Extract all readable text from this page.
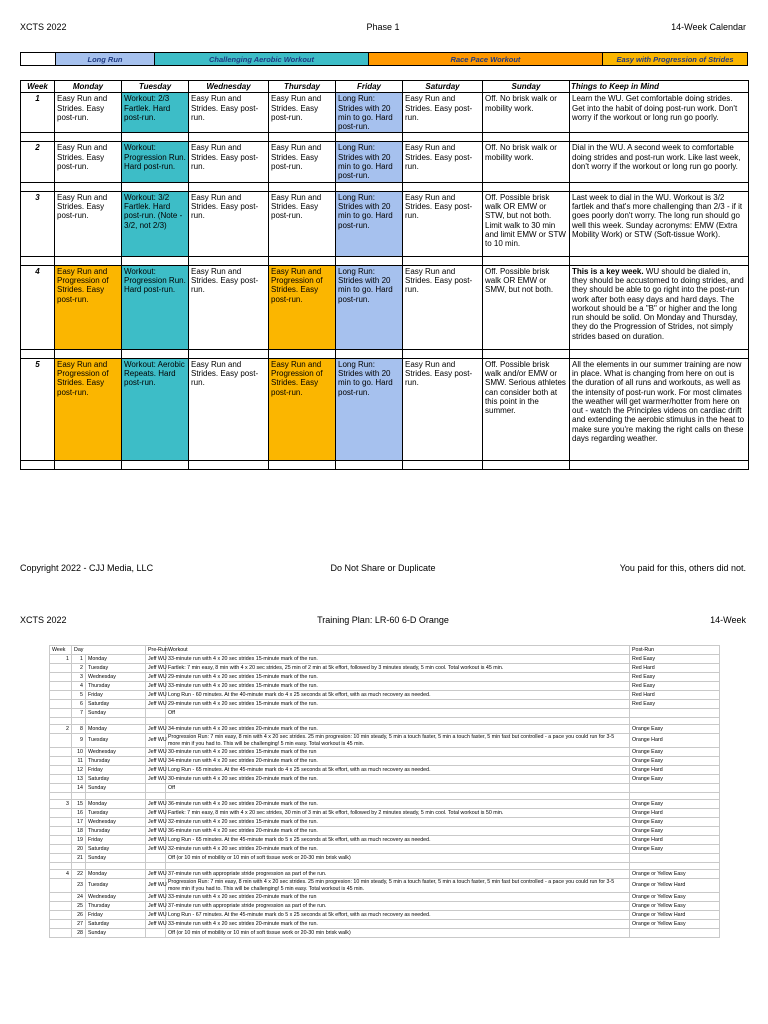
XCTS 2022	Phase 1	14-Week Calendar
Long Run	Challenging Aerobic Workout	Race Pace Workout	Easy with Progression of Strides
Week	Monday	Tuesday	Wednesday	Thursday	Friday	Saturday	Sunday	Things to Keep in Mind
1	Easy Run and Strides. Easy post-run.	Workout: 2/3 Fartlek. Hard post-run.	Easy Run and Strides. Easy post-run.	Easy Run and Strides. Easy post-run.	Long Run: Strides with 20 min to go. Hard post-run.	Easy Run and Strides. Easy post-run.	Off. No brisk walk or mobility work.	Learn the WU. Get comfortable doing strides. Get into the habit of doing post-run work. Don't worry if the workout or long run go poorly.

2	Easy Run and Strides. Easy post-run.	Workout: Progression Run. Hard post-run.	Easy Run and Strides. Easy post-run.	Easy Run and Strides. Easy post-run.	Long Run: Strides with 20 min to go. Hard post-run.	Easy Run and Strides. Easy post-run.	Off. No brisk walk or mobility work.	Dial in the WU. A second week to comfortable doing strides and post-run work. Like last week, don't worry if the workout or long run go poorly.

3	Easy Run and Strides. Easy post-run.	Workout: 3/2 Fartlek. Hard post-run. (Note - 3/2, not 2/3)	Easy Run and Strides. Easy post-run.	Easy Run and Strides. Easy post-run.	Long Run: Strides with 20 min to go. Hard post-run.	Easy Run and Strides. Easy post-run.	Off. Possible brisk walk OR EMW or STW, but not both. Limit walk to 30 min and limit EMW or STW to 10 min.	Last week to dial in the WU. Workout is 3/2 fartlek and that's more challenging than 2/3 - if it goes poorly don't worry. The long run should go well this week. Sunday acronyms: EMW (Extra Mobility Work) or STW (Soft-tissue Work).

4	Easy Run and Progression of Strides. Easy post-run.	Workout: Progression Run. Hard post-run.	Easy Run and Strides. Easy post-run.	Easy Run and Progression of Strides. Easy post-run.	Long Run: Strides with 20 min to go. Hard post-run.	Easy Run and Strides. Easy post-run.	Off. Possible brisk walk OR EMW or SMW, but not both.	This is a key week. WU should be dialed in, they should be accustomed to doing strides, and they should be able to go right into the post-run work after both easy days and hard days. The workout should be a "B" or higher and the long run should be solid. On Monday and Thursday, they do the Progression of Strides, not simply strides based on duration.

5	Easy Run and Progression of Strides. Easy post-run.	Workout: Aerobic Repeats. Hard post-run.	Easy Run and Strides. Easy post-run.	Easy Run and Progression of Strides. Easy post-run.	Long Run: Strides with 20 min to go. Hard post-run.	Easy Run and Strides. Easy post-run.	Off. Possible brisk walk and/or EMW or SMW. Serious athletes can consider both at this point in the summer.	All the elements in our summer training are now in place. What is changing from here on out is the duration of all runs and workouts, as well as the intensity of post-run work. For most climates the weather will get warmer/hotter from here on out - watch the Principles videos on cardiac drift and extending the aerobic stimulus in the heat to make sure you're making the right calls on these days regarding weather.

Copyright 2022 - CJJ Media, LLC	Do Not Share or Duplicate	You paid for this, others did not.
XCTS 2022	Training Plan: LR-60 6-D Orange	14-Week
Week	Day		Pre-Run	Workout	Post-Run
1	1	Monday	Jeff WU	33-minute run with 4 x 20 sec strides 15-minute mark of the run.	Red Easy
	2	Tuesday	Jeff WU	Fartlek: 7 min easy, 8 min with 4 x 20 sec strides, 25 min of 2 min at 5k effort, followed by 3 minutes steady, 5 min cool. Total workout is 45 min.	Red Hard
	3	Wednesday	Jeff WU	29-minute run with 4 x 20 sec strides 15-minute mark of the run.	Red Easy
	4	Thursday	Jeff WU	33-minute run with 4 x 20 sec strides 15-minute mark of the run.	Red Easy
	5	Friday	Jeff WU	Long Run - 60 minutes. At the 40-minute mark do 4 x 25 seconds at 5k effort, with as much recovery as needed.	Red Hard
	6	Saturday	Jeff WU	29-minute run with 4 x 20 sec strides 15-minute mark of the run.	Red Easy
	7	Sunday		Off	

2	8	Monday	Jeff WU	34-minute run with 4 x 20 sec strides 20-minute mark of the run.	Orange Easy
	9	Tuesday	Jeff WU	Progression Run: 7 min easy, 8 min with 4 x 20 sec strides. 25 min progresion: 10 min steady, 5 min a touch faster, 5 min a touch faster, 5 min fast but controlled - a pace you could run for 3-5 more min if you had to. This will be challenging! 5 min easy. Total workout is 45 min.	Orange Hard
	10	Wednesday	Jeff WU	30-minute run with 4 x 20 sec strides 15-minute mark of the run	Orange Easy
	11	Thursday	Jeff WU	34-minute run with 4 x 20 sec strides 20-minute mark of the run.	Orange Easy
	12	Friday	Jeff WU	Long Run - 65 minutes. At the 45-minute mark do 4 x 25 seconds at 5k effort, with as much recovery as needed.	Orange Hard
	13	Saturday	Jeff WU	30-minute run with 4 x 20 sec strides 20-minute mark of the run.	Orange Easy
	14	Sunday		Off	

3	15	Monday	Jeff WU	36-minute run with 4 x 20 sec strides 20-minute mark of the run.	Orange Easy
	16	Tuesday	Jeff WU	Fartlek: 7 min easy, 8 min with 4 x 20 sec strides, 30 min of 3 min at 5k effort, followed by 2 minutes steady, 5 min cool. Total workout is 50 min.	Orange Hard
	17	Wednesday	Jeff WU	32-minute run with 4 x 20 sec strides 15-minute mark of the run.	Orange Easy
	18	Thursday	Jeff WU	36-minute run with 4 x 20 sec strides 20-minute mark of the run.	Orange Easy
	19	Friday	Jeff WU	Long Run - 65 minutes. At the 45-minute mark do 5 x 25 seconds at 5k effort, with as much recovery as needed.	Orange Hard
	20	Saturday	Jeff WU	32-minute run with 4 x 20 sec strides 20-minute mark of the run.	Orange Easy
	21	Sunday		Off (or 10 min of mobility or 10 min of soft tissue work or 20-30 min brisk walk)	

4	22	Monday	Jeff WU	37-minute run with appropriate stride progression as part of the run.	Orange or Yellow Easy
	23	Tuesday	Jeff WU	Progression Run: 7 min easy, 8 min with 4 x 20 sec strides. 25 min progresion: 10 min steady, 5 min a touch faster, 5 min a touch faster, 5 min fast but controlled - a pace you could run for 3-5 more min if you had to. This will be challenging! 5 min easy. Total workout is 45 min.	Orange or Yellow Hard
	24	Wednesday	Jeff WU	33-minute run with 4 x 20 sec strides 20-minute mark of the run	Orange or Yellow Easy
	25	Thursday	Jeff WU	37-minute run with appropriate stride progression as part of the run.	Orange or Yellow Easy
	26	Friday	Jeff WU	Long Run - 67 minutes. At the 45-minute mark do 5 x 25 seconds at 5k effort, with as much recovery as needed.	Orange or Yellow Hard
	27	Saturday	Jeff WU	33-minute run with 4 x 20 sec strides 20-minute mark of the run.	Orange or Yellow Easy
	28	Sunday		Off (or 10 min of mobility or 10 min of soft tissue work or 20-30 min brisk walk)	
